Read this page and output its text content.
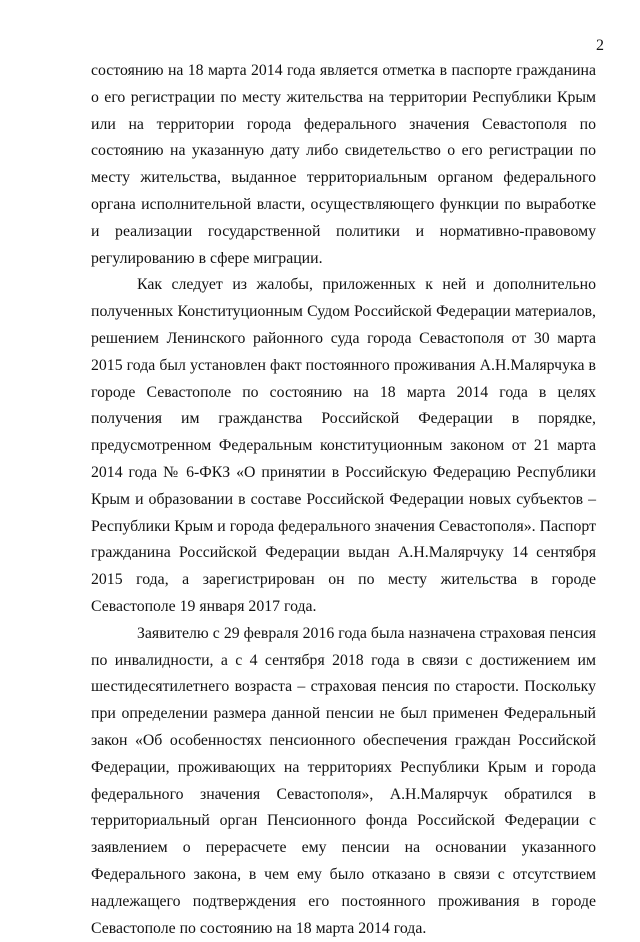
2

состоянию на 18 марта 2014 года является отметка в паспорте гражданина о его регистрации по месту жительства на территории Республики Крым или на территории города федерального значения Севастополя по состоянию на указанную дату либо свидетельство о его регистрации по месту жительства, выданное территориальным органом федерального органа исполнительной власти, осуществляющего функции по выработке и реализации государственной политики и нормативно-правовому регулированию в сфере миграции.

Как следует из жалобы, приложенных к ней и дополнительно полученных Конституционным Судом Российской Федерации материалов, решением Ленинского районного суда города Севастополя от 30 марта 2015 года был установлен факт постоянного проживания А.Н.Малярчука в городе Севастополе по состоянию на 18 марта 2014 года в целях получения им гражданства Российской Федерации в порядке, предусмотренном Федеральным конституционным законом от 21 марта 2014 года № 6-ФКЗ «О принятии в Российскую Федерацию Республики Крым и образовании в составе Российской Федерации новых субъектов – Республики Крым и города федерального значения Севастополя». Паспорт гражданина Российской Федерации выдан А.Н.Малярчуку 14 сентября 2015 года, а зарегистрирован он по месту жительства в городе Севастополе 19 января 2017 года.

Заявителю с 29 февраля 2016 года была назначена страховая пенсия по инвалидности, а с 4 сентября 2018 года в связи с достижением им шестидесятилетнего возраста – страховая пенсия по старости. Поскольку при определении размера данной пенсии не был применен Федеральный закон «Об особенностях пенсионного обеспечения граждан Российской Федерации, проживающих на территориях Республики Крым и города федерального значения Севастополя», А.Н.Малярчук обратился в территориальный орган Пенсионного фонда Российской Федерации с заявлением о перерасчете ему пенсии на основании указанного Федерального закона, в чем ему было отказано в связи с отсутствием надлежащего подтверждения его постоянного проживания в городе Севастополе по состоянию на 18 марта 2014 года.
